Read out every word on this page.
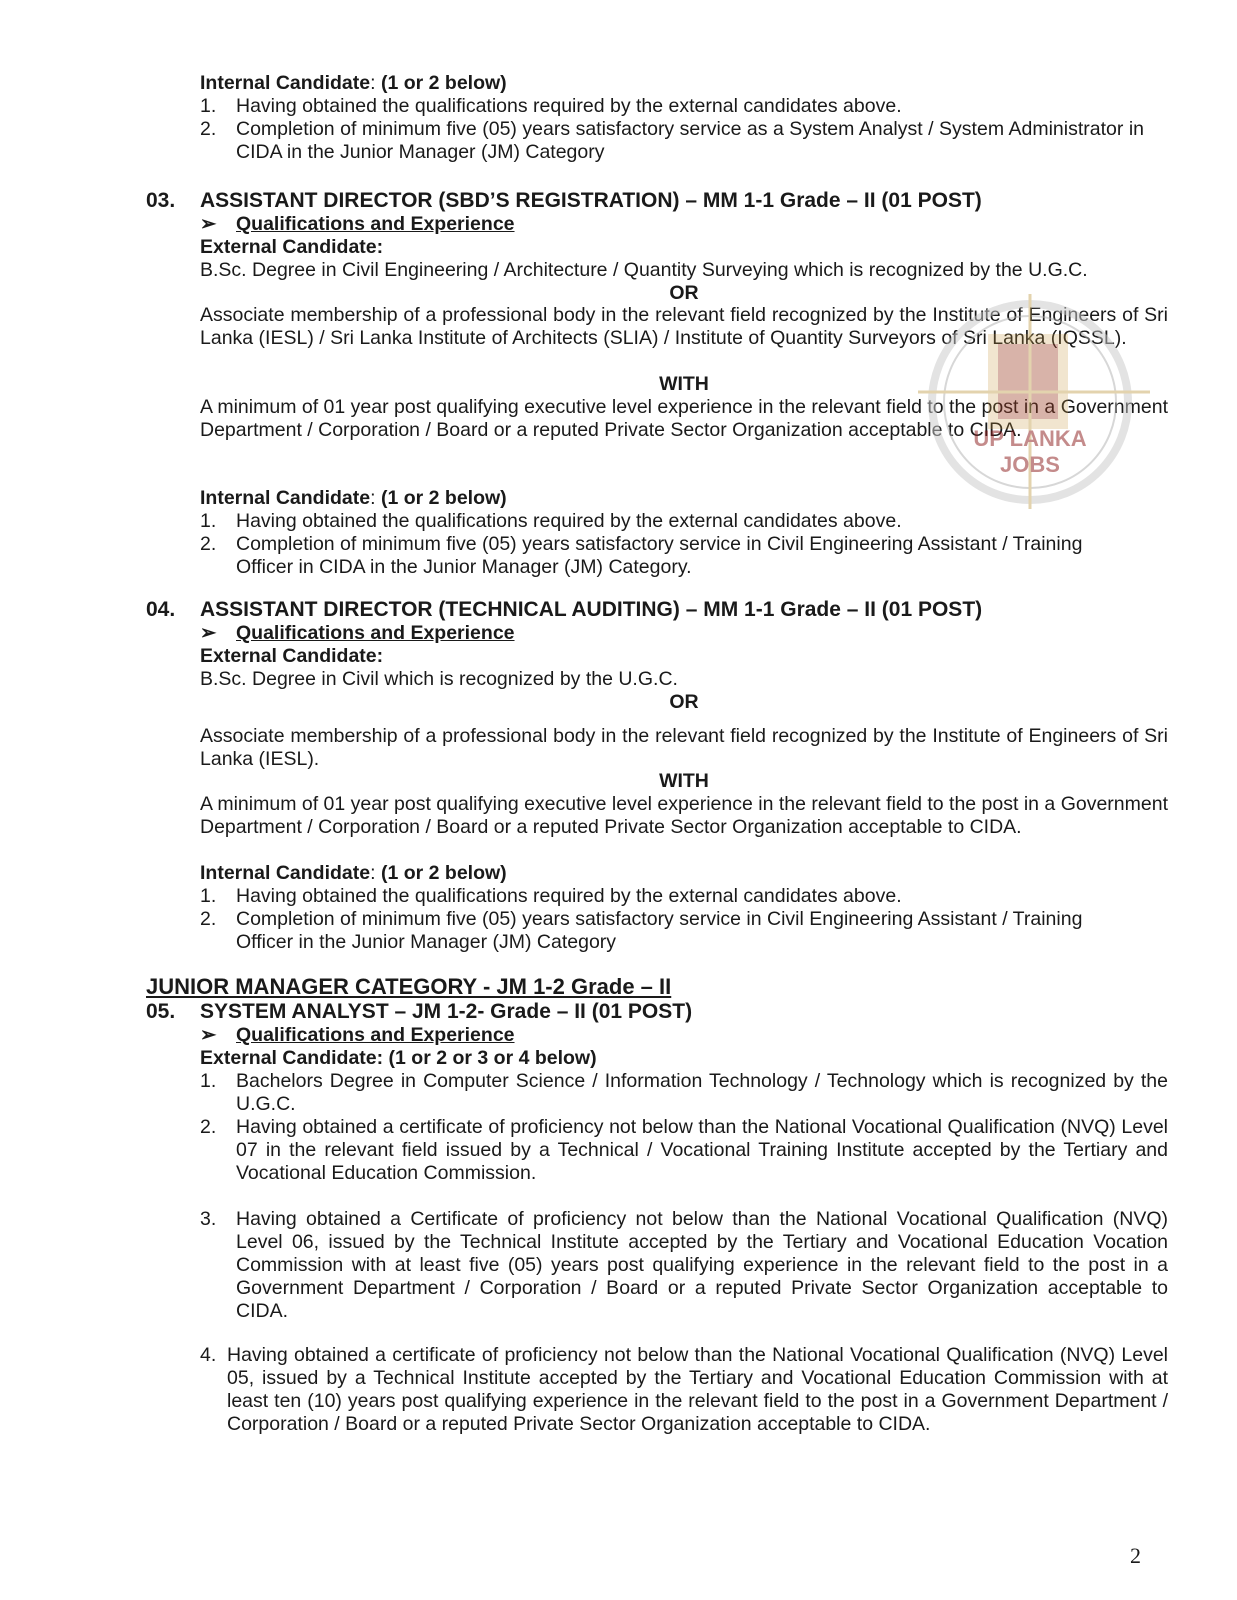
Internal Candidate: (1 or 2 below)
1. Having obtained the qualifications required by the external candidates above.
2. Completion of minimum five (05) years satisfactory service as a System Analyst / System Administrator in CIDA in the Junior Manager (JM) Category
03. ASSISTANT DIRECTOR (SBD’S REGISTRATION) – MM 1-1 Grade – II (01 POST)
➢ Qualifications and Experience
External Candidate:
B.Sc. Degree in Civil Engineering / Architecture / Quantity Surveying which is recognized by the U.G.C.
OR
Associate membership of a professional body in the relevant field recognized by the Institute of Engineers of Sri Lanka (IESL) / Sri Lanka Institute of Architects (SLIA) / Institute of Quantity Surveyors of Sri Lanka (IQSSL).
WITH
A minimum of 01 year post qualifying executive level experience in the relevant field to the post in a Government Department / Corporation / Board or a reputed Private Sector Organization acceptable to CIDA.
Internal Candidate: (1 or 2 below)
1. Having obtained the qualifications required by the external candidates above.
2. Completion of minimum five (05) years satisfactory service in Civil Engineering Assistant / Training Officer in CIDA in the Junior Manager (JM) Category.
04. ASSISTANT DIRECTOR (TECHNICAL AUDITING) – MM 1-1 Grade – II (01 POST)
➢ Qualifications and Experience
External Candidate:
B.Sc. Degree in Civil which is recognized by the U.G.C.
OR
Associate membership of a professional body in the relevant field recognized by the Institute of Engineers of Sri Lanka (IESL).
WITH
A minimum of 01 year post qualifying executive level experience in the relevant field to the post in a Government Department / Corporation / Board or a reputed Private Sector Organization acceptable to CIDA.
Internal Candidate: (1 or 2 below)
1. Having obtained the qualifications required by the external candidates above.
2. Completion of minimum five (05) years satisfactory service in Civil Engineering Assistant / Training Officer in the Junior Manager (JM) Category
JUNIOR MANAGER CATEGORY - JM 1-2 Grade – II
05. SYSTEM ANALYST – JM 1-2- Grade – II (01 POST)
➢ Qualifications and Experience
External Candidate: (1 or 2 or 3 or 4 below)
1. Bachelors Degree in Computer Science / Information Technology / Technology which is recognized by the U.G.C.
2. Having obtained a certificate of proficiency not below than the National Vocational Qualification (NVQ) Level 07 in the relevant field issued by a Technical / Vocational Training Institute accepted by the Tertiary and Vocational Education Commission.
3. Having obtained a Certificate of proficiency not below than the National Vocational Qualification (NVQ) Level 06, issued by the Technical Institute accepted by the Tertiary and Vocational Education Vocation Commission with at least five (05) years post qualifying experience in the relevant field to the post in a Government Department / Corporation / Board or a reputed Private Sector Organization acceptable to CIDA.
4. Having obtained a certificate of proficiency not below than the National Vocational Qualification (NVQ) Level 05, issued by a Technical Institute accepted by the Tertiary and Vocational Education Commission with at least ten (10) years post qualifying experience in the relevant field to the post in a Government Department / Corporation / Board or a reputed Private Sector Organization acceptable to CIDA.
UP LANKA
JOBS
2
